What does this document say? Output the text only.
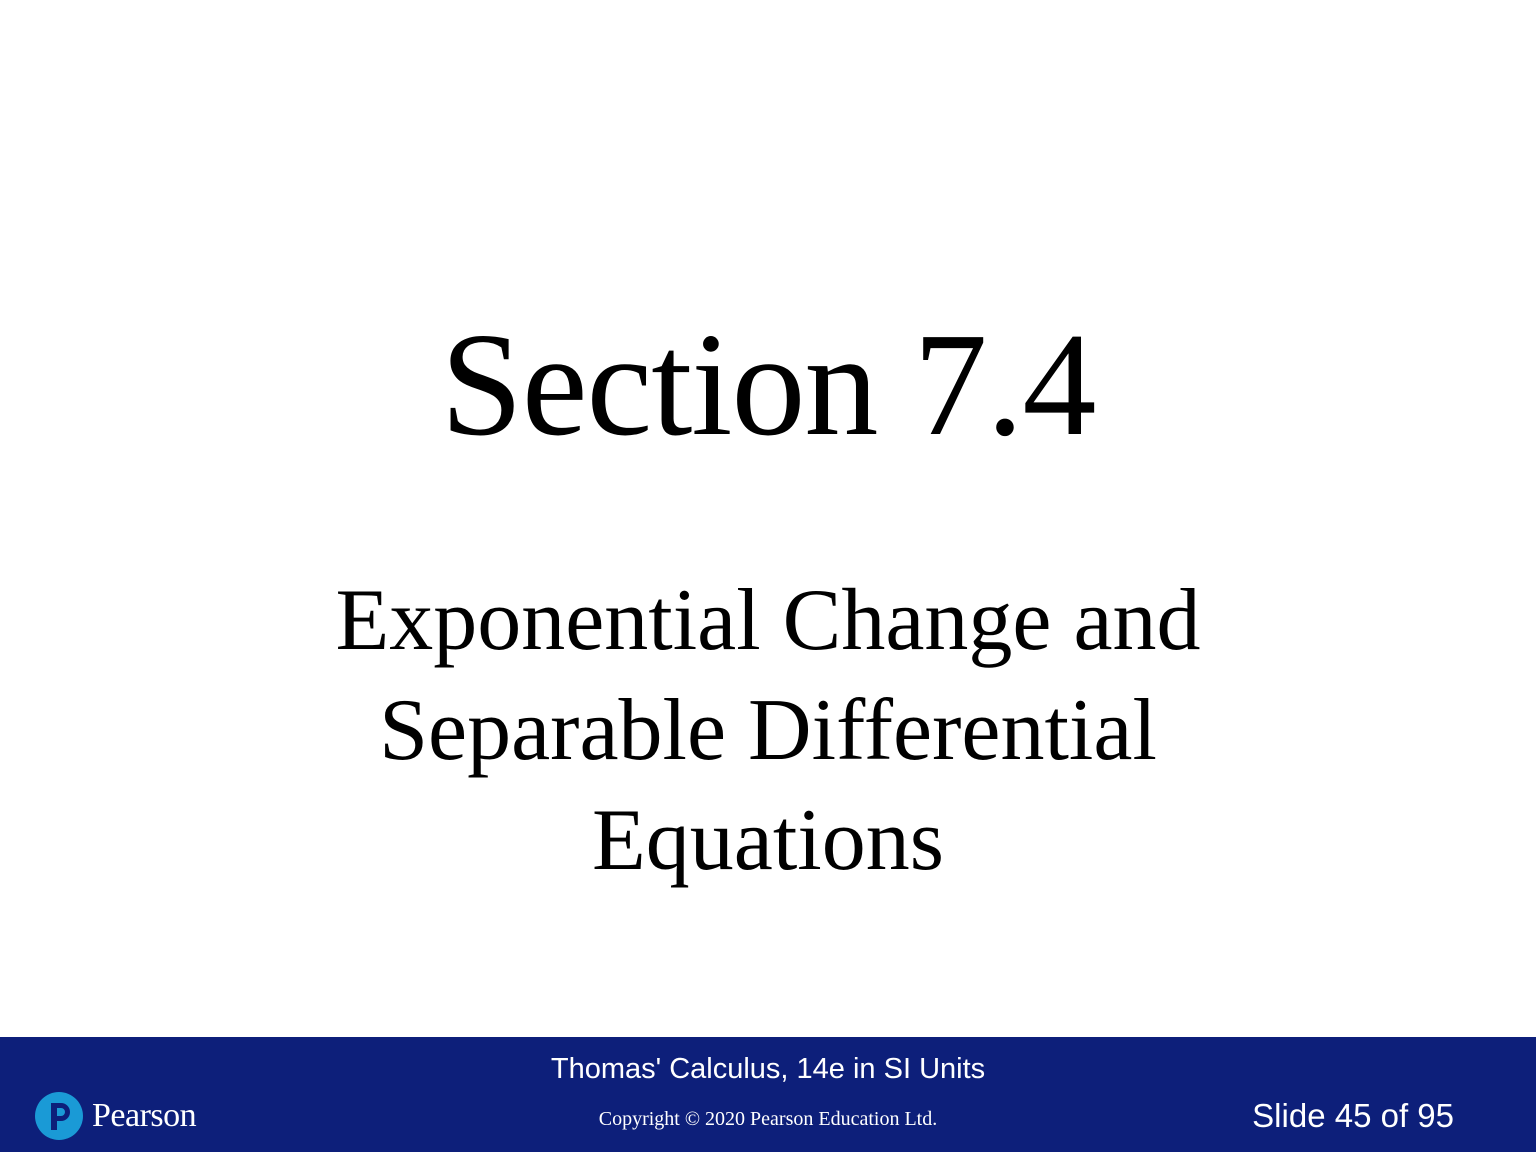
Section 7.4
Exponential Change and
Separable Differential
Equations
Pearson
Thomas' Calculus, 14e in SI Units
Copyright © 2020 Pearson Education Ltd.	Slide 45 of 95
